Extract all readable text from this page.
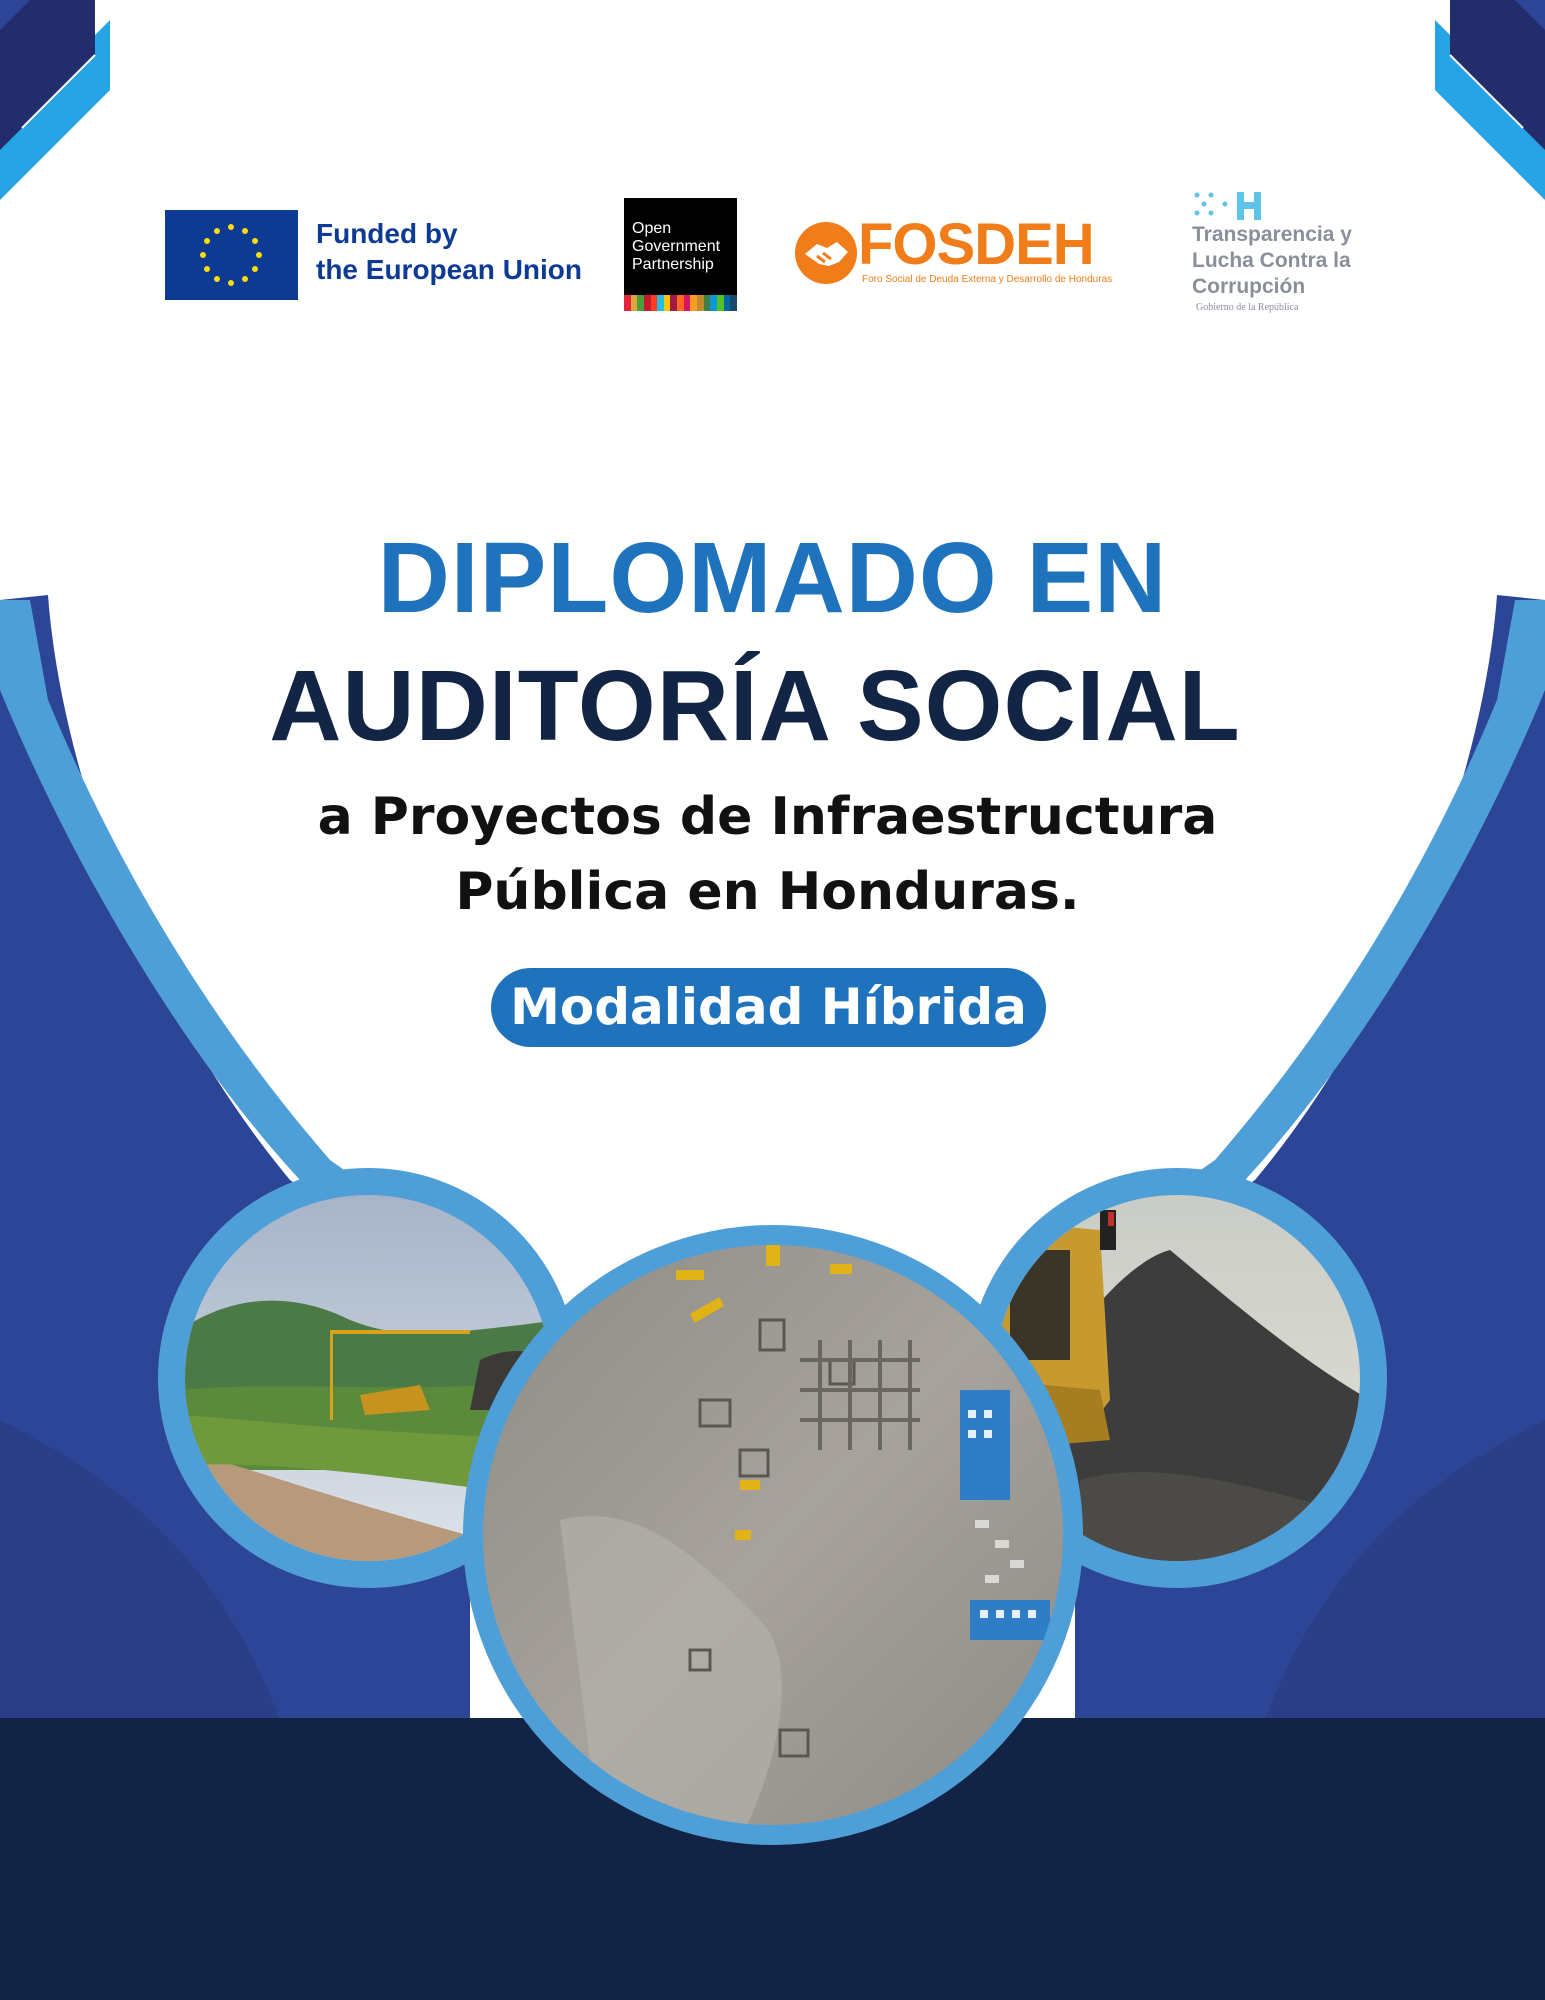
Funded by
the European Union
Open
Government
Partnership	FOSDEH
Foro Social de Deuda Externa y Desarrollo de Honduras
Transparencia y
Lucha Contra la
Corrupción
Gobierno de la República
DIPLOMADO EN
AUDITORÍA SOCIAL
a Proyectos de Infraestructura
Pública en Honduras.
Modalidad Híbrida
